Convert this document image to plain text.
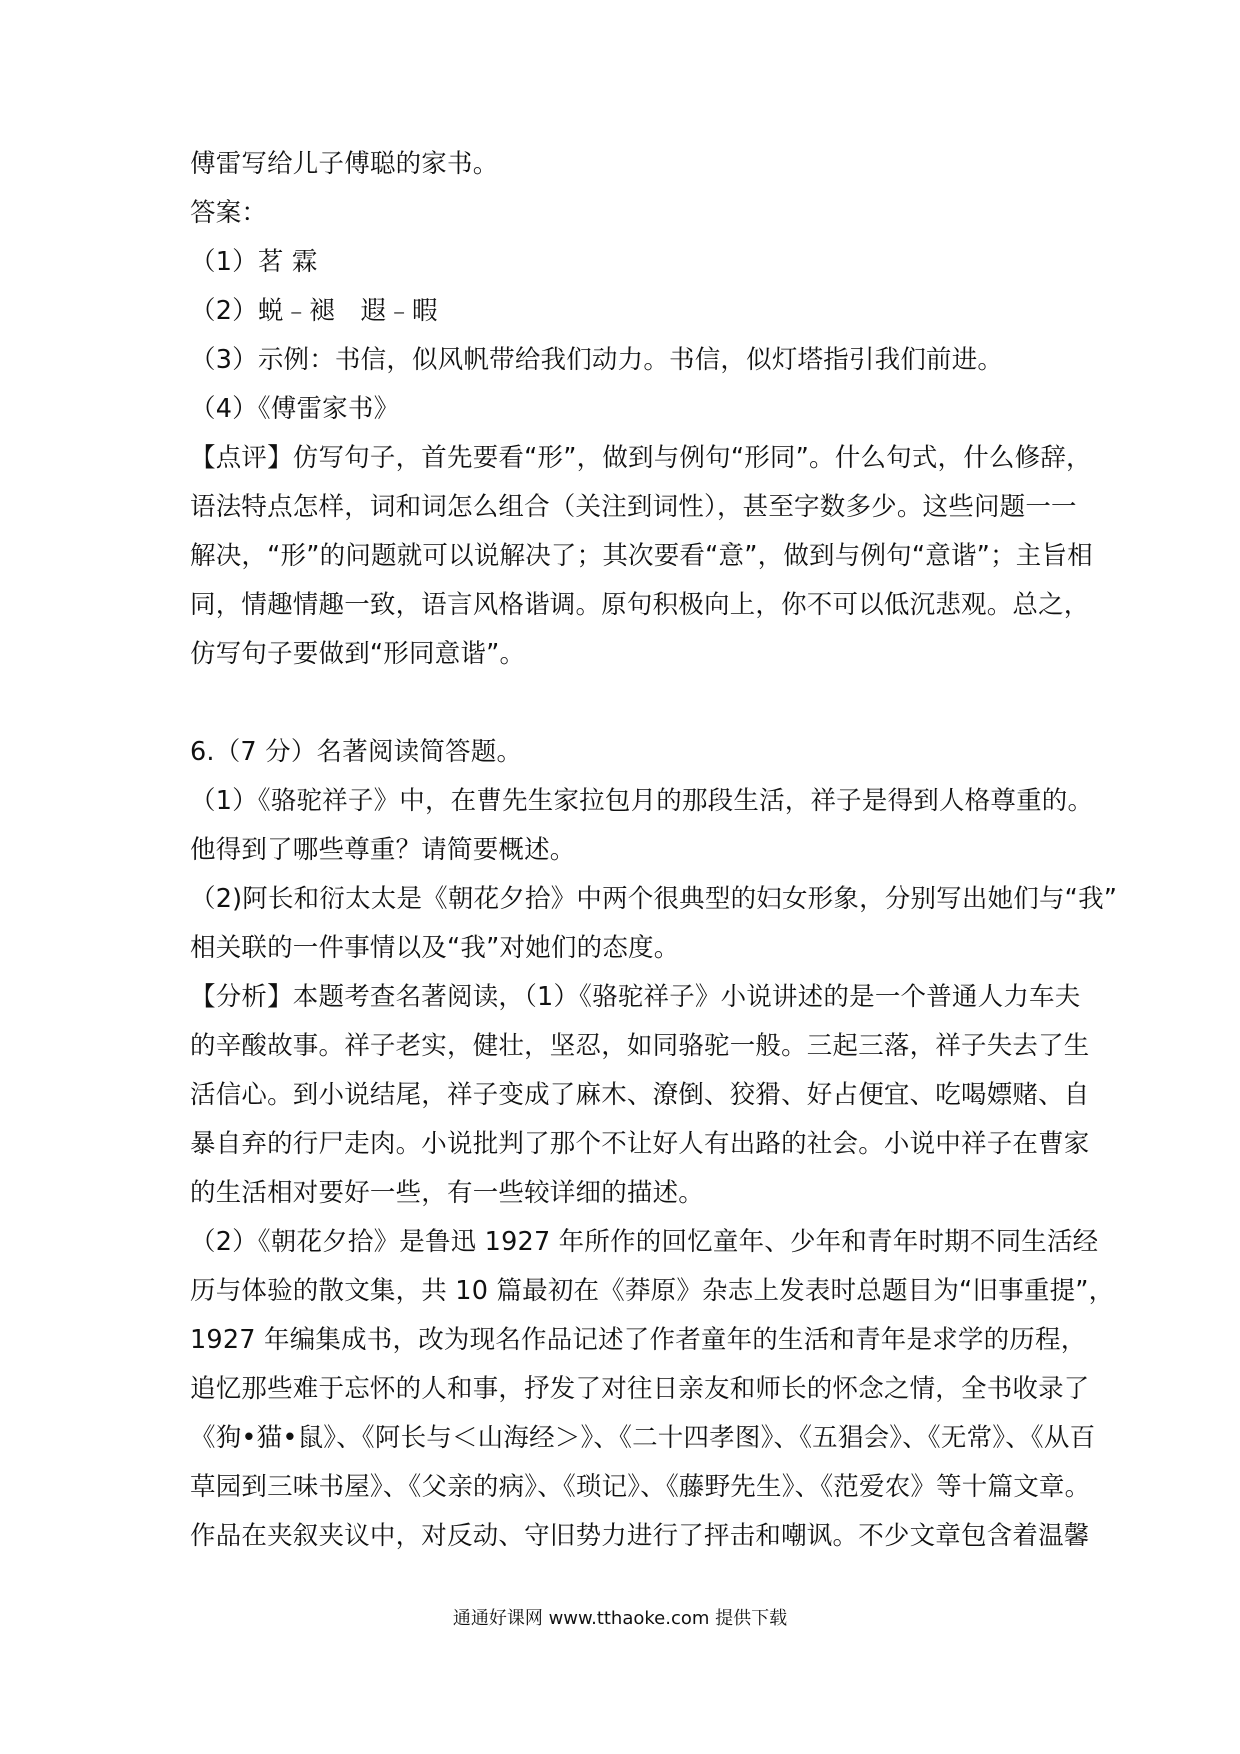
傅雷写给儿子傅聪的家书。
答案：
（1）茗 霖
（2）蜕﹣褪　遐﹣暇
（3）示例：书信，似风帆带给我们动力。书信，似灯塔指引我们前进。
（4）《傅雷家书》
【点评】仿写句子，首先要看“形”，做到与例句“形同”。什么句式，什么修辞，
语法特点怎样，词和词怎么组合（关注到词性），甚至字数多少。这些问题一一
解决，“形”的问题就可以说解决了；其次要看“意”，做到与例句“意谐”；主旨相
同，情趣情趣一致，语言风格谐调。原句积极向上，你不可以低沉悲观。总之，
仿写句子要做到“形同意谐”。
6.（7 分）名著阅读简答题。
（1）《骆驼祥子》中，在曹先生家拉包月的那段生活，祥子是得到人格尊重的。
他得到了哪些尊重？请简要概述。
（2)阿长和衍太太是《朝花夕拾》中两个很典型的妇女形象，分别写出她们与“我”
相关联的一件事情以及“我”对她们的态度。
【分析】本题考查名著阅读，（1）《骆驼祥子》小说讲述的是一个普通人力车夫
的辛酸故事。祥子老实，健壮，坚忍，如同骆驼一般。三起三落，祥子失去了生
活信心。到小说结尾，祥子变成了麻木、潦倒、狡猾、好占便宜、吃喝嫖赌、自
暴自弃的行尸走肉。小说批判了那个不让好人有出路的社会。小说中祥子在曹家
的生活相对要好一些，有一些较详细的描述。
（2）《朝花夕拾》是鲁迅 1927 年所作的回忆童年、少年和青年时期不同生活经
历与体验的散文集，共 10 篇最初在《莽原》杂志上发表时总题目为“旧事重提”，
1927 年编集成书，改为现名作品记述了作者童年的生活和青年是求学的历程，
追忆那些难于忘怀的人和事，抒发了对往日亲友和师长的怀念之情，全书收录了
《狗•猫•鼠》、《阿长与＜山海经＞》、《二十四孝图》、《五猖会》、《无常》、《从百
草园到三味书屋》、《父亲的病》、《琐记》、《藤野先生》、《范爱农》等十篇文章。
作品在夹叙夹议中，对反动、守旧势力进行了抨击和嘲讽。不少文章包含着温馨
通通好课网 www.tthaoke.com 提供下载
